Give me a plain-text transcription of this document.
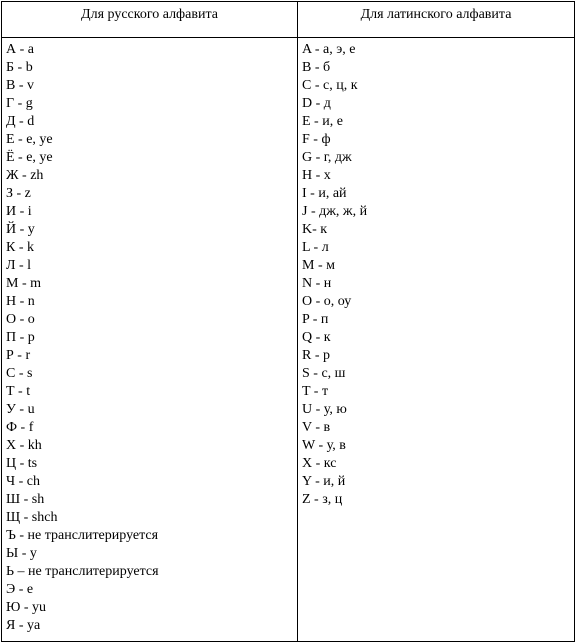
Для русского алфавита
А - a
Б - b
В - v
Г - g
Д - d
Е - e, ye
Ё - e, ye
Ж - zh
З - z
И - i
Й - y
К - k
Л - l
М - m
Н - n
О - o
П - p
Р - r
С - s
Т - t
У - u
Ф - f
Х - kh
Ц - ts
Ч - ch
Ш - sh
Щ - shch
Ъ - не транслитерируется
Ы - y
Ь – не транслитерируется
Э - e
Ю - yu
Я - ya
Для латинского алфавита
A - а, э, е
B - б
C - с, ц, к
D - д
E - и, е
F - ф
G - г, дж
H - х
I - и, ай
J - дж, ж, й
K- к
L - л
M - м
N - н
O - о, оу
P - п
Q - к
R - р
S - с, ш
T - т
U - у, ю
V - в
W - у, в
X - кс
Y - и, й
Z - з, ц
